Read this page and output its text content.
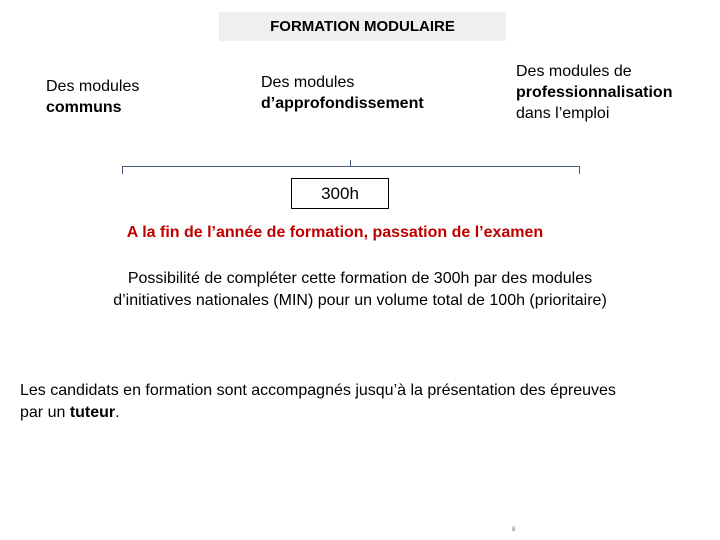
FORMATION MODULAIRE
Des modules
communs
Des modules
d’approfondissement
Des modules de
professionnalisation
dans l’emploi
300h
A la fin de l’année de formation, passation de l’examen
Possibilité de compléter cette formation de 300h par des modules
d’initiatives nationales (MIN) pour un volume total de 100h (prioritaire)
Les candidats en formation sont accompagnés jusqu’à la présentation des épreuves
par un tuteur.
8
